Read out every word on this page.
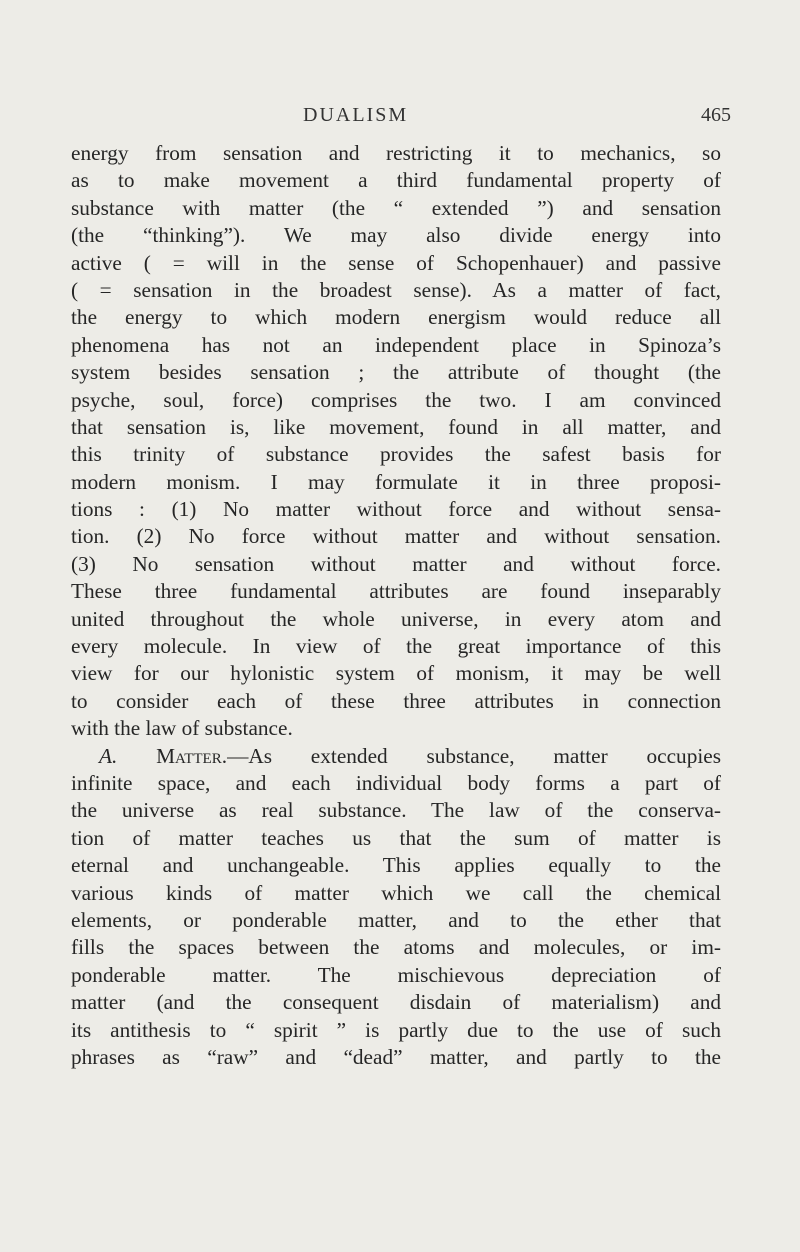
DUALISM	465
energy from sensation and restricting it to mechanics, so
as to make movement a third fundamental property of
substance with matter (the “ extended ”) and sensation
(the “thinking”). We may also divide energy into
active ( = will in the sense of Schopenhauer) and passive
( = sensation in the broadest sense). As a matter of fact,
the energy to which modern energism would reduce all
phenomena has not an independent place in Spinoza’s
system besides sensation ; the attribute of thought (the
psyche, soul, force) comprises the two. I am convinced
that sensation is, like movement, found in all matter, and
this trinity of substance provides the safest basis for
modern monism. I may formulate it in three proposi-
tions : (1) No matter without force and without sensa-
tion. (2) No force without matter and without sensation.
(3) No sensation without matter and without force.
These three fundamental attributes are found inseparably
united throughout the whole universe, in every atom and
every molecule. In view of the great importance of this
view for our hylonistic system of monism, it may be well
to consider each of these three attributes in connection
with the law of substance.
A. Matter.—As extended substance, matter occupies
infinite space, and each individual body forms a part of
the universe as real substance. The law of the conserva-
tion of matter teaches us that the sum of matter is
eternal and unchangeable. This applies equally to the
various kinds of matter which we call the chemical
elements, or ponderable matter, and to the ether that
fills the spaces between the atoms and molecules, or im-
ponderable matter. The mischievous depreciation of
matter (and the consequent disdain of materialism) and
its antithesis to “ spirit ” is partly due to the use of such
phrases as “raw” and “dead” matter, and partly to the
